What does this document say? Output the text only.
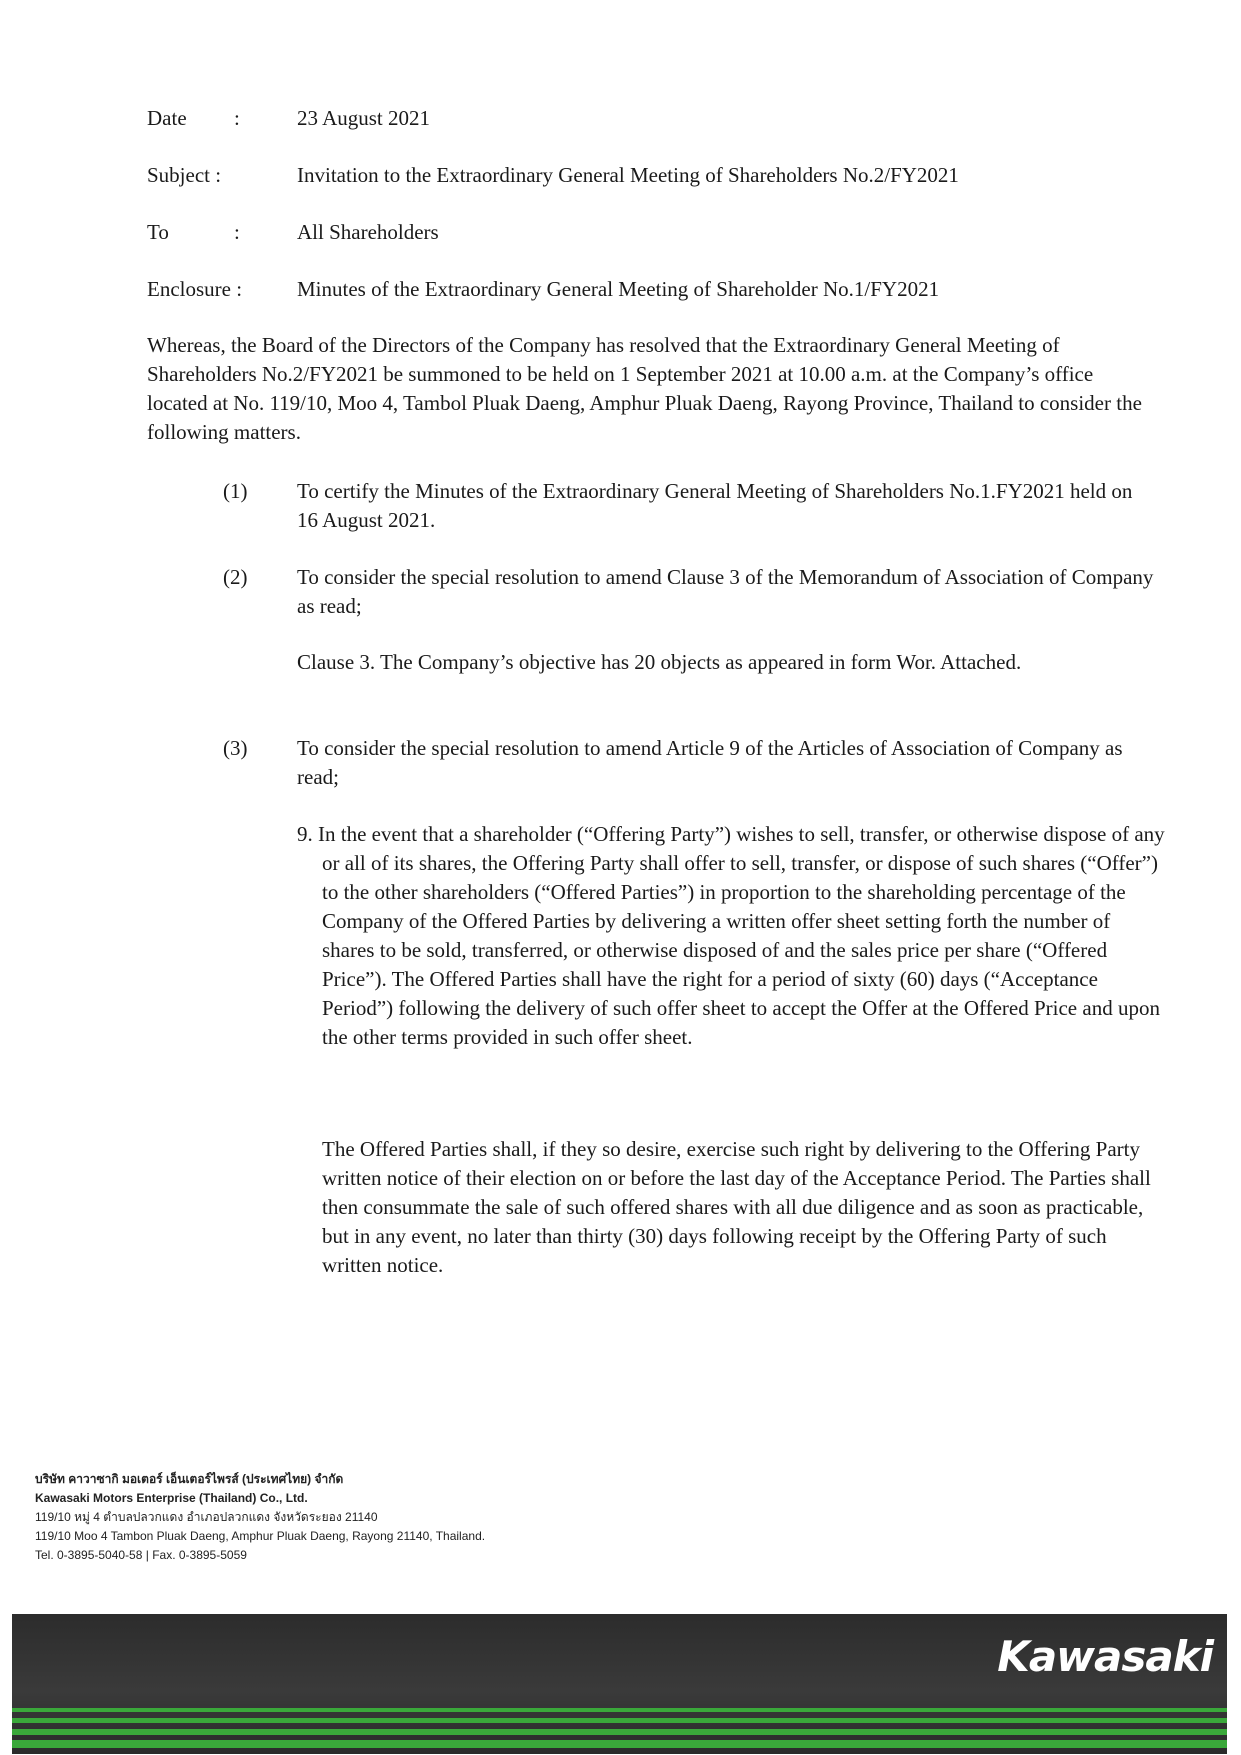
Date :	23 August 2021
Subject :	Invitation to the Extraordinary General Meeting of Shareholders No.2/FY2021
To	:	All Shareholders
Enclosure :	Minutes of the Extraordinary General Meeting of Shareholder No.1/FY2021
Whereas, the Board of the Directors of the Company has resolved that the Extraordinary General Meeting of Shareholders No.2/FY2021 be summoned to be held on 1 September 2021 at 10.00 a.m. at the Company’s office located at No. 119/10, Moo 4, Tambol Pluak Daeng, Amphur Pluak Daeng, Rayong Province, Thailand to consider the following matters.
(1) To certify the Minutes of the Extraordinary General Meeting of Shareholders No.1.FY2021 held on 16 August 2021.
(2) To consider the special resolution to amend Clause 3 of the Memorandum of Association of Company as read;
Clause 3. The Company’s objective has 20 objects as appeared in form Wor. Attached.
(3) To consider the special resolution to amend Article 9 of the Articles of Association of Company as read;
9. In the event that a shareholder (“Offering Party”) wishes to sell, transfer, or otherwise dispose of any or all of its shares, the Offering Party shall offer to sell, transfer, or dispose of such shares (“Offer”) to the other shareholders (“Offered Parties”) in proportion to the shareholding percentage of the Company of the Offered Parties by delivering a written offer sheet setting forth the number of shares to be sold, transferred, or otherwise disposed of and the sales price per share (“Offered Price”). The Offered Parties shall have the right for a period of sixty (60) days (“Acceptance Period”) following the delivery of such offer sheet to accept the Offer at the Offered Price and upon the other terms provided in such offer sheet.
The Offered Parties shall, if they so desire, exercise such right by delivering to the Offering Party written notice of their election on or before the last day of the Acceptance Period. The Parties shall then consummate the sale of such offered shares with all due diligence and as soon as practicable, but in any event, no later than thirty (30) days following receipt by the Offering Party of such written notice.
บริษัท คาวาซากิ มอเตอร์ เอ็นเตอร์ไพรส์ (ประเทศไทย) จำกัด
Kawasaki Motors Enterprise (Thailand) Co., Ltd.
119/10 หมู่ 4 ตำบลปลวกแดง อำเภอปลวกแดง จังหวัดระยอง 21140
119/10 Moo 4 Tambon Pluak Daeng, Amphur Pluak Daeng, Rayong 21140, Thailand.
Tel. 0-3895-5040-58 | Fax. 0-3895-5059
Kawasaki
